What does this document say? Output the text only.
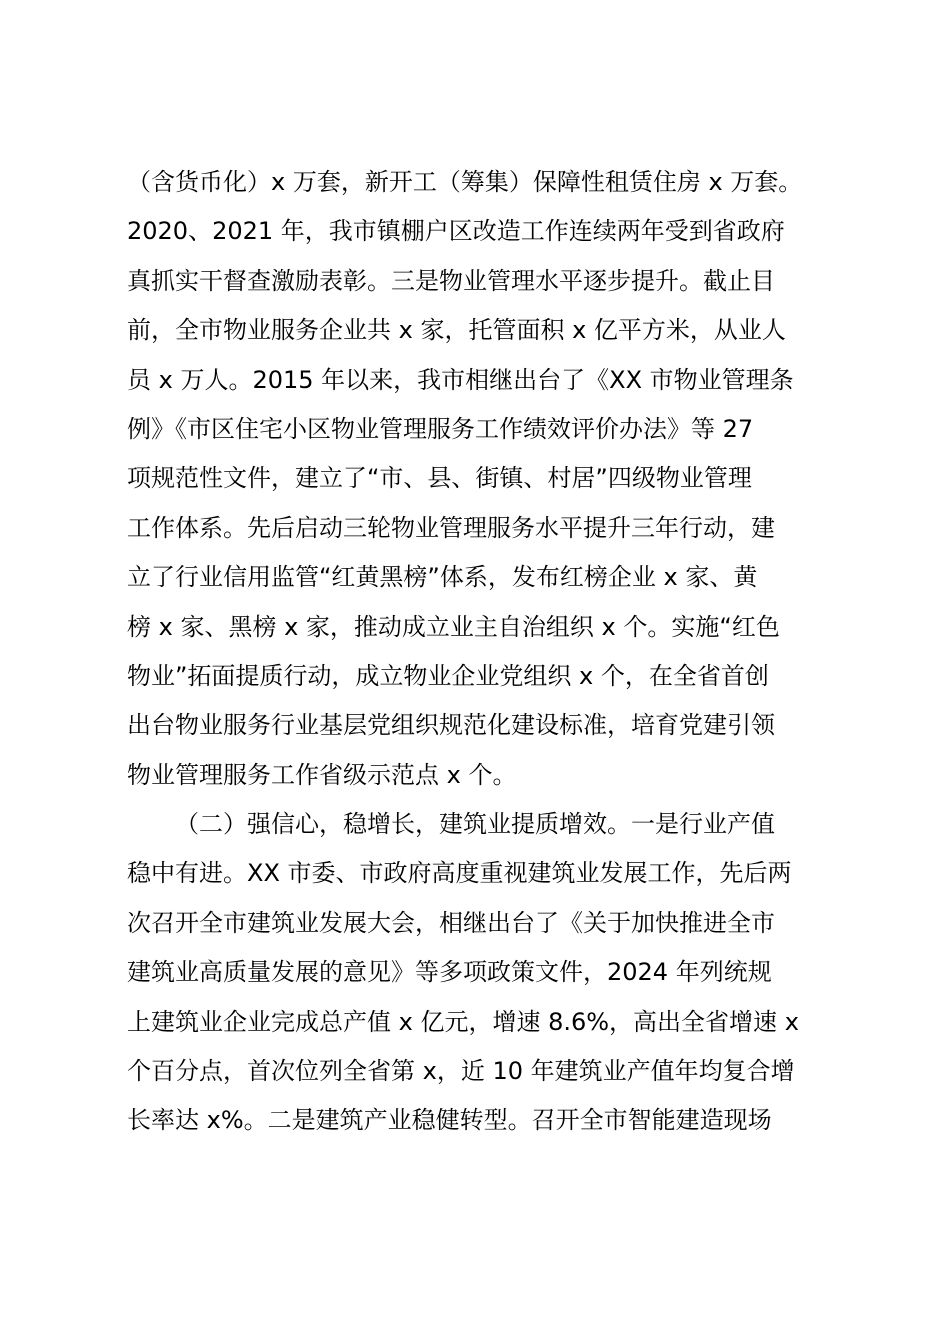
（含货币化）x 万套，新开工（筹集）保障性租赁住房 x 万套。
2020、2021 年，我市镇棚户区改造工作连续两年受到省政府
真抓实干督查激励表彰。三是物业管理水平逐步提升。截止目
前，全市物业服务企业共 x 家，托管面积 x 亿平方米，从业人
员 x 万人。2015 年以来，我市相继出台了《XX 市物业管理条
例》《市区住宅小区物业管理服务工作绩效评价办法》等 27
项规范性文件，建立了“市、县、街镇、村居”四级物业管理
工作体系。先后启动三轮物业管理服务水平提升三年行动，建
立了行业信用监管“红黄黑榜”体系，发布红榜企业 x 家、黄
榜 x 家、黑榜 x 家，推动成立业主自治组织 x 个。实施“红色
物业”拓面提质行动，成立物业企业党组织 x 个，在全省首创
出台物业服务行业基层党组织规范化建设标准，培育党建引领
物业管理服务工作省级示范点 x 个。
（二）强信心，稳增长，建筑业提质增效。一是行业产值
稳中有进。XX 市委、市政府高度重视建筑业发展工作，先后两
次召开全市建筑业发展大会，相继出台了《关于加快推进全市
建筑业高质量发展的意见》等多项政策文件，2024 年列统规
上建筑业企业完成总产值 x 亿元，增速 8.6%，高出全省增速 x
个百分点，首次位列全省第 x，近 10 年建筑业产值年均复合增
长率达 x%。二是建筑产业稳健转型。召开全市智能建造现场
